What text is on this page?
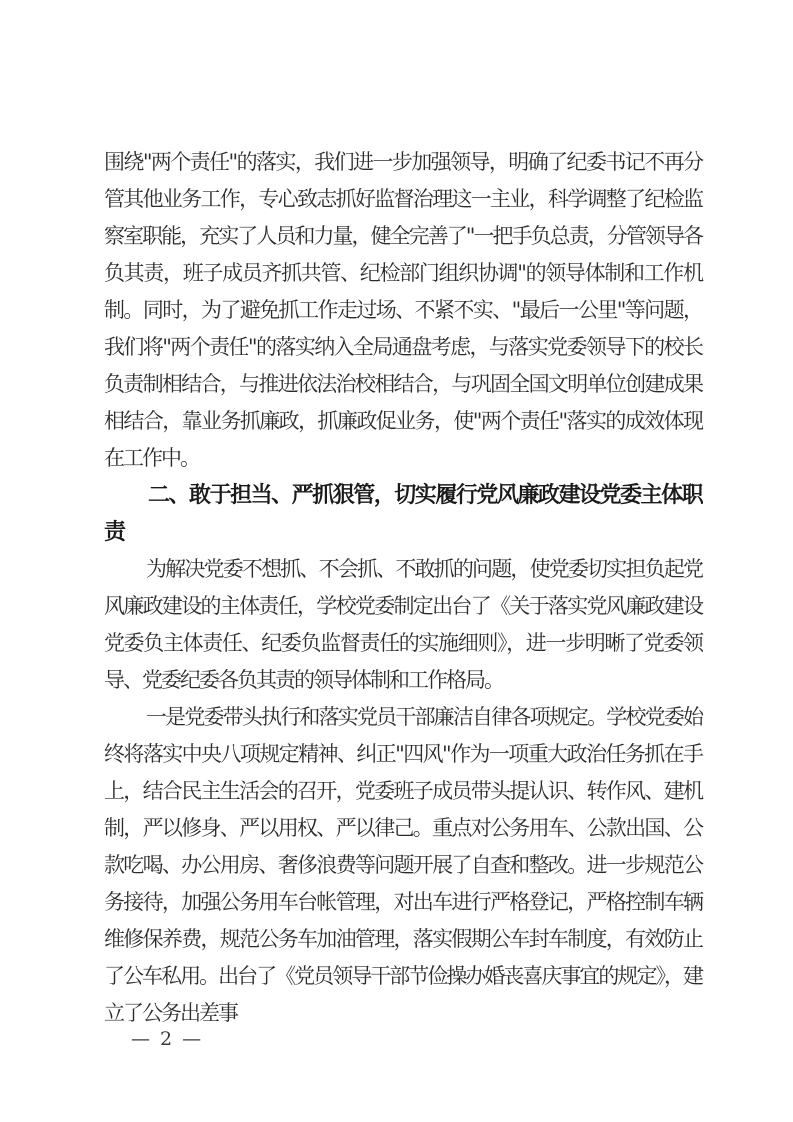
围绕"两个责任"的落实，我们进一步加强领导，明确了纪委书记不再分管其他业务工作，专心致志抓好监督治理这一主业，科学调整了纪检监察室职能，充实了人员和力量，健全完善了"一把手负总责，分管领导各负其责，班子成员齐抓共管、纪检部门组织协调"的领导体制和工作机制。同时，为了避免抓工作走过场、不紧不实、"最后一公里"等问题，我们将"两个责任"的落实纳入全局通盘考虑，与落实党委领导下的校长负责制相结合，与推进依法治校相结合，与巩固全国文明单位创建成果相结合，靠业务抓廉政，抓廉政促业务，使"两个责任"落实的成效体现在工作中。

二、敢于担当、严抓狠管，切实履行党风廉政建设党委主体职责

为解决党委不想抓、不会抓、不敢抓的问题，使党委切实担负起党风廉政建设的主体责任，学校党委制定出台了《关于落实党风廉政建设党委负主体责任、纪委负监督责任的实施细则》，进一步明晰了党委领导、党委纪委各负其责的领导体制和工作格局。

一是党委带头执行和落实党员干部廉洁自律各项规定。学校党委始终将落实中央八项规定精神、纠正"四风"作为一项重大政治任务抓在手上，结合民主生活会的召开，党委班子成员带头提认识、转作风、建机制，严以修身、严以用权、严以律己。重点对公务用车、公款出国、公款吃喝、办公用房、奢侈浪费等问题开展了自查和整改。进一步规范公务接待，加强公务用车台帐管理，对出车进行严格登记，严格控制车辆维修保养费，规范公务车加油管理，落实假期公车封车制度，有效防止了公车私用。出台了《党员领导干部节俭操办婚丧喜庆事宜的规定》，建立了公务出差事

— 2 —
